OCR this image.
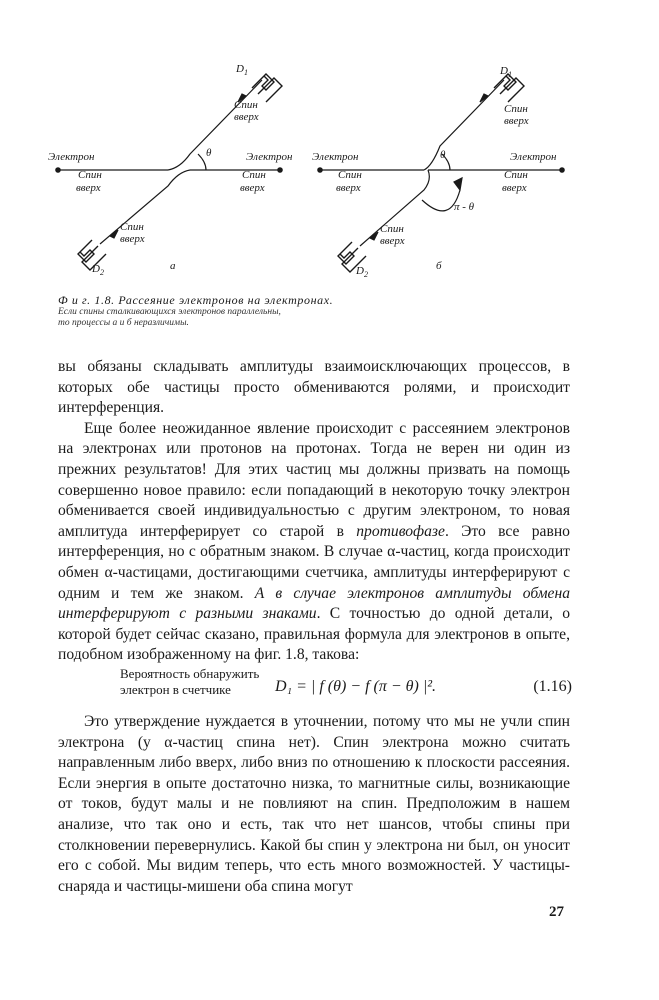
Электрон	Электрон
Спин
вверх
Спин
вверх
Спин
вверх
Спин
вверх
$D_1$
$D_2$
θ
а
Электрон	Электрон
Спин
вверх
Спин
вверх
Спин
вверх
Спин
вверх
$D_1$
$D_2$
θ
π - θ
б
Ф и г. 1.8. Рассеяние электронов на электронах.
Если спины сталкивающихся электронов параллельны,
то процессы а и б неразличимы.

вы обязаны складывать амплитуды взаимоисключающих процессов, в которых обе частицы просто обмениваются ролями, и происходит интерференция.

Еще более неожиданное явление происходит с рассеянием электронов на электронах или протонов на протонах. Тогда не верен ни один из прежних результатов! Для этих частиц мы должны призвать на помощь совершенно новое правило: если попадающий в некоторую точку электрон обменивается своей индивидуальностью с другим электроном, то новая амплитуда интерферирует со старой в противофазе. Это все равно интерференция, но с обратным знаком. В случае α-частиц, когда происходит обмен α-частицами, достигающими счетчика, амплитуды интерферируют с одним и тем же знаком. А в случае электронов амплитуды обмена интерферируют с разными знаками. С точностью до одной детали, о которой будет сейчас сказано, правильная формула для электронов в опыте, подобном изображенному на фиг. 1.8, такова:

Вероятность обнаружить
электрон в счетчике	D₁ = | f (θ) − f (π − θ) |².	(1.16)

Это утверждение нуждается в уточнении, потому что мы не учли спин электрона (у α-частиц спина нет). Спин электрона можно считать направленным либо вверх, либо вниз по отношению к плоскости рассеяния. Если энергия в опыте достаточно низка, то магнитные силы, возникающие от токов, будут малы и не повлияют на спин. Предположим в нашем анализе, что так оно и есть, так что нет шансов, чтобы спины при столкновении перевернулись. Какой бы спин у электрона ни был, он уносит его с собой. Мы видим теперь, что есть много возможностей. У частицы-снаряда и частицы-мишени оба спина могут

27
